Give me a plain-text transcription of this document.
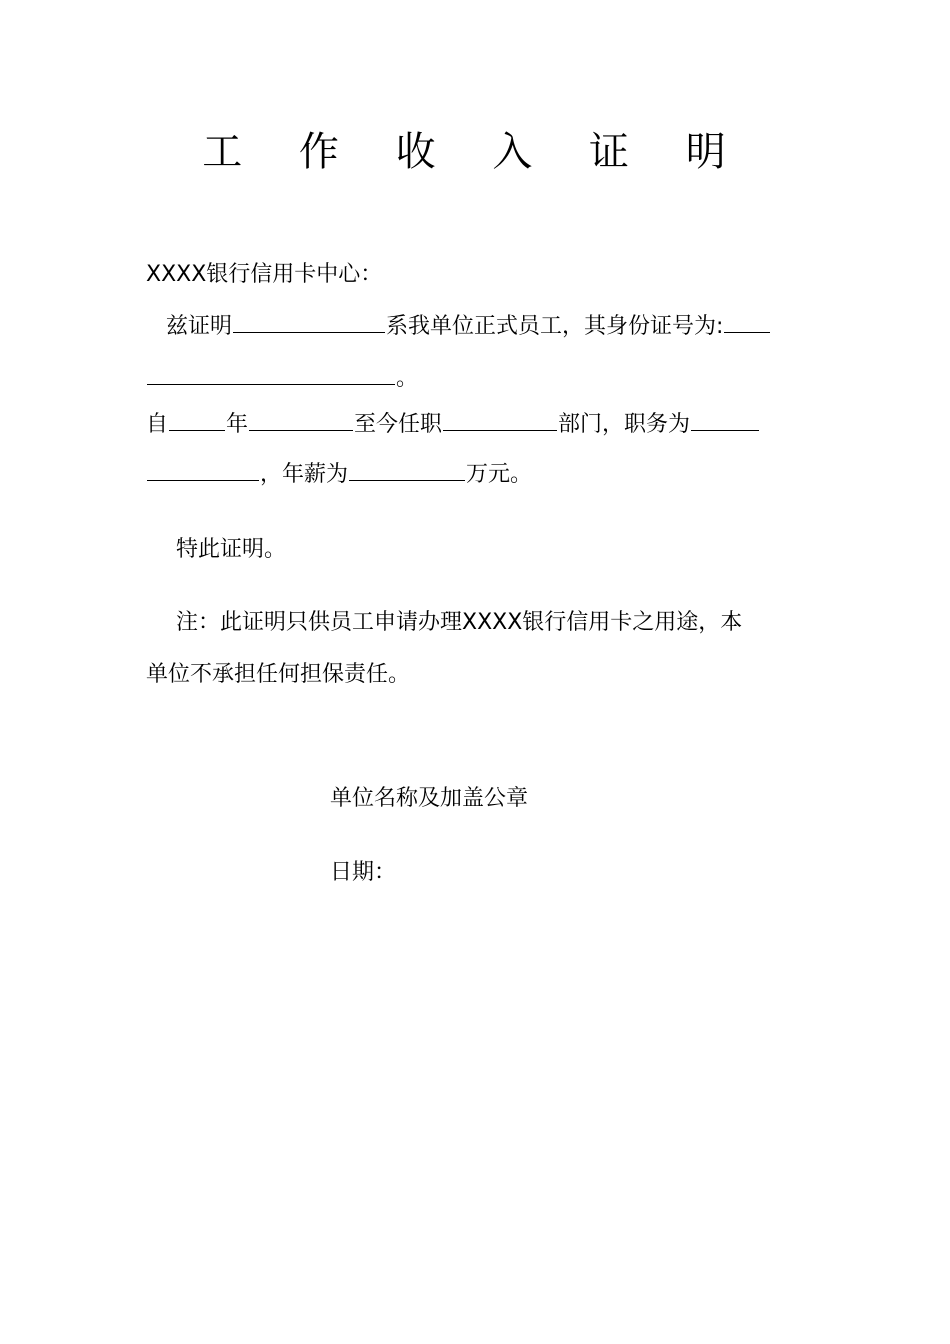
工 作 收 入 证 明
XXXX银行信用卡中心：
兹证明	系我单位正式员工，其身份证号为:
。
自	年	至今任职	部门，职务为
，年薪为	万元。
特此证明。
注：此证明只供员工申请办理XXXX银行信用卡之用途，本
单位不承担任何担保责任。
单位名称及加盖公章
日期：
